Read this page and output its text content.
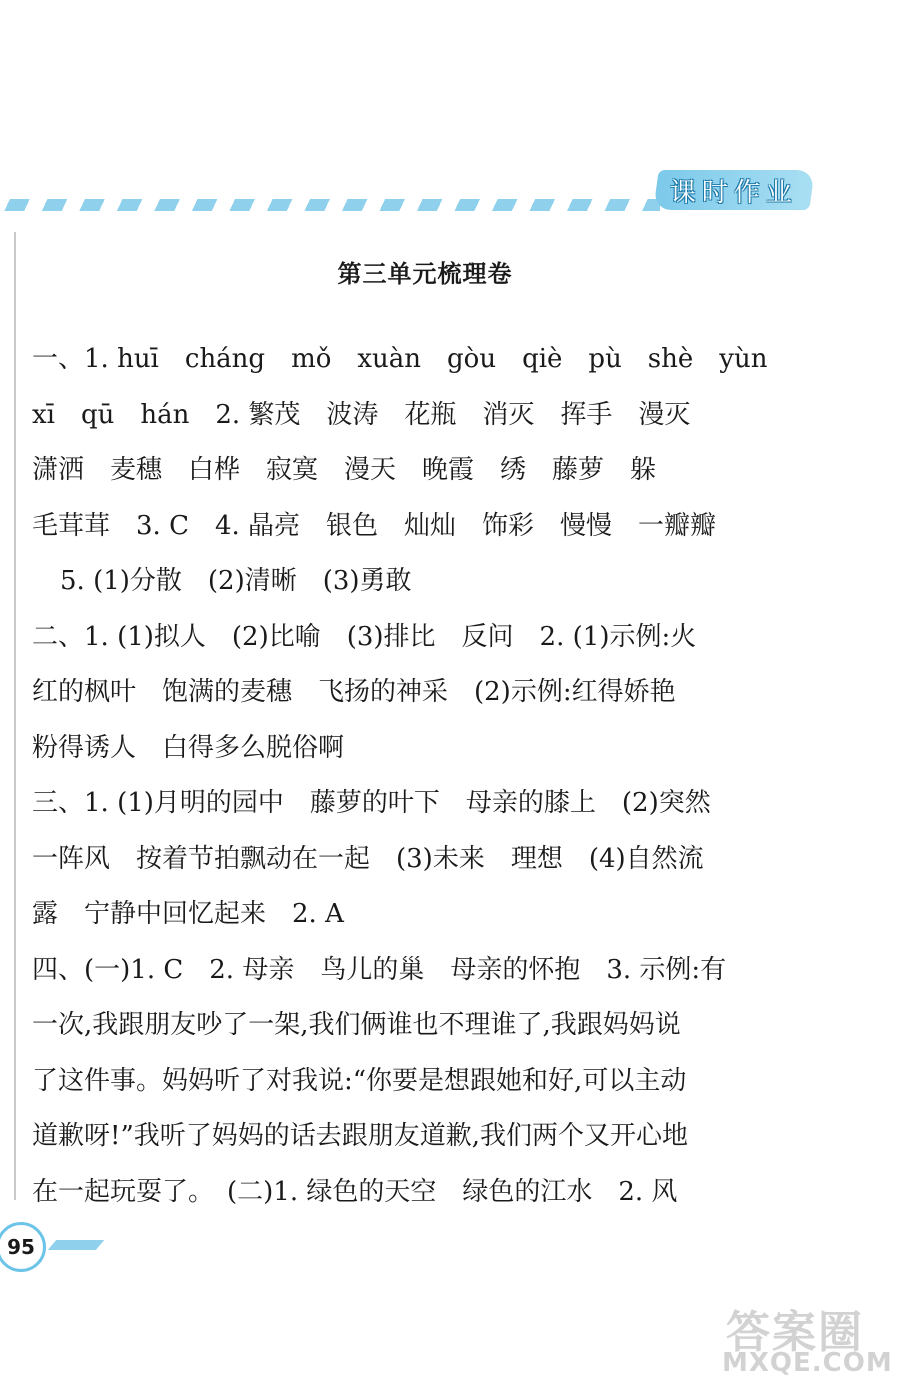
课时作业
第三单元梳理卷
一、1. huī　cháng　mǒ　xuàn　gòu　qiè　pù　shè　yùn
xī　qū　hán　2. 繁茂　波涛　花瓶　消灭　挥手　漫灭
潇洒　麦穗　白桦　寂寞　漫天　晚霞　绣　藤萝　躲
毛茸茸　3. C　4. 晶亮　银色　灿灿　饰彩　慢慢　一瓣瓣
5. (1)分散　(2)清晰　(3)勇敢
二、1. (1)拟人　(2)比喻　(3)排比　反问　2. (1)示例:火
红的枫叶　饱满的麦穗　飞扬的神采　(2)示例:红得娇艳
粉得诱人　白得多么脱俗啊
三、1. (1)月明的园中　藤萝的叶下　母亲的膝上　(2)突然
一阵风　按着节拍飘动在一起　(3)未来　理想　(4)自然流
露　宁静中回忆起来　2. A
四、(一)1. C　2. 母亲　鸟儿的巢　母亲的怀抱　3. 示例:有
一次,我跟朋友吵了一架,我们俩谁也不理谁了,我跟妈妈说
了这件事。妈妈听了对我说:“你要是想跟她和好,可以主动
道歉呀!”我听了妈妈的话去跟朋友道歉,我们两个又开心地
在一起玩耍了。　(二)1. 绿色的天空　绿色的江水　2. 风
95
答案圈
MXQE.COM
